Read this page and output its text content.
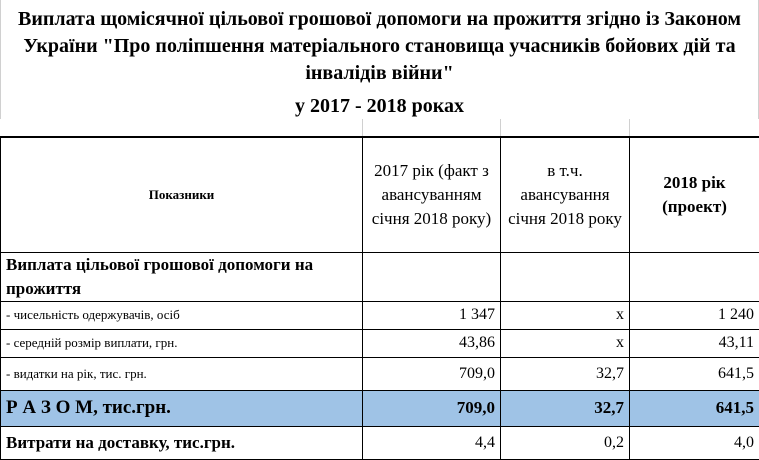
Виплата щомісячної цільової грошової допомоги на прожиття згідно із Законом України "Про поліпшення матеріального становища учасників бойових дій та інвалідів війни"
у 2017 - 2018 роках
Показники	2017 рік (факт з авансуванням січня 2018 року)	в т.ч. авансування січня 2018 року	2018 рік (проект)
Виплата цільової грошової допомоги на прожиття			
- чисельність одержувачів, осіб	1 347	х	1 240
- середній розмір виплати, грн.	43,86	х	43,11
- видатки на рік, тис. грн.	709,0	32,7	641,5
Р А З О М, тис.грн.	709,0	32,7	641,5
Витрати на доставку, тис.грн.	4,4	0,2	4,0
